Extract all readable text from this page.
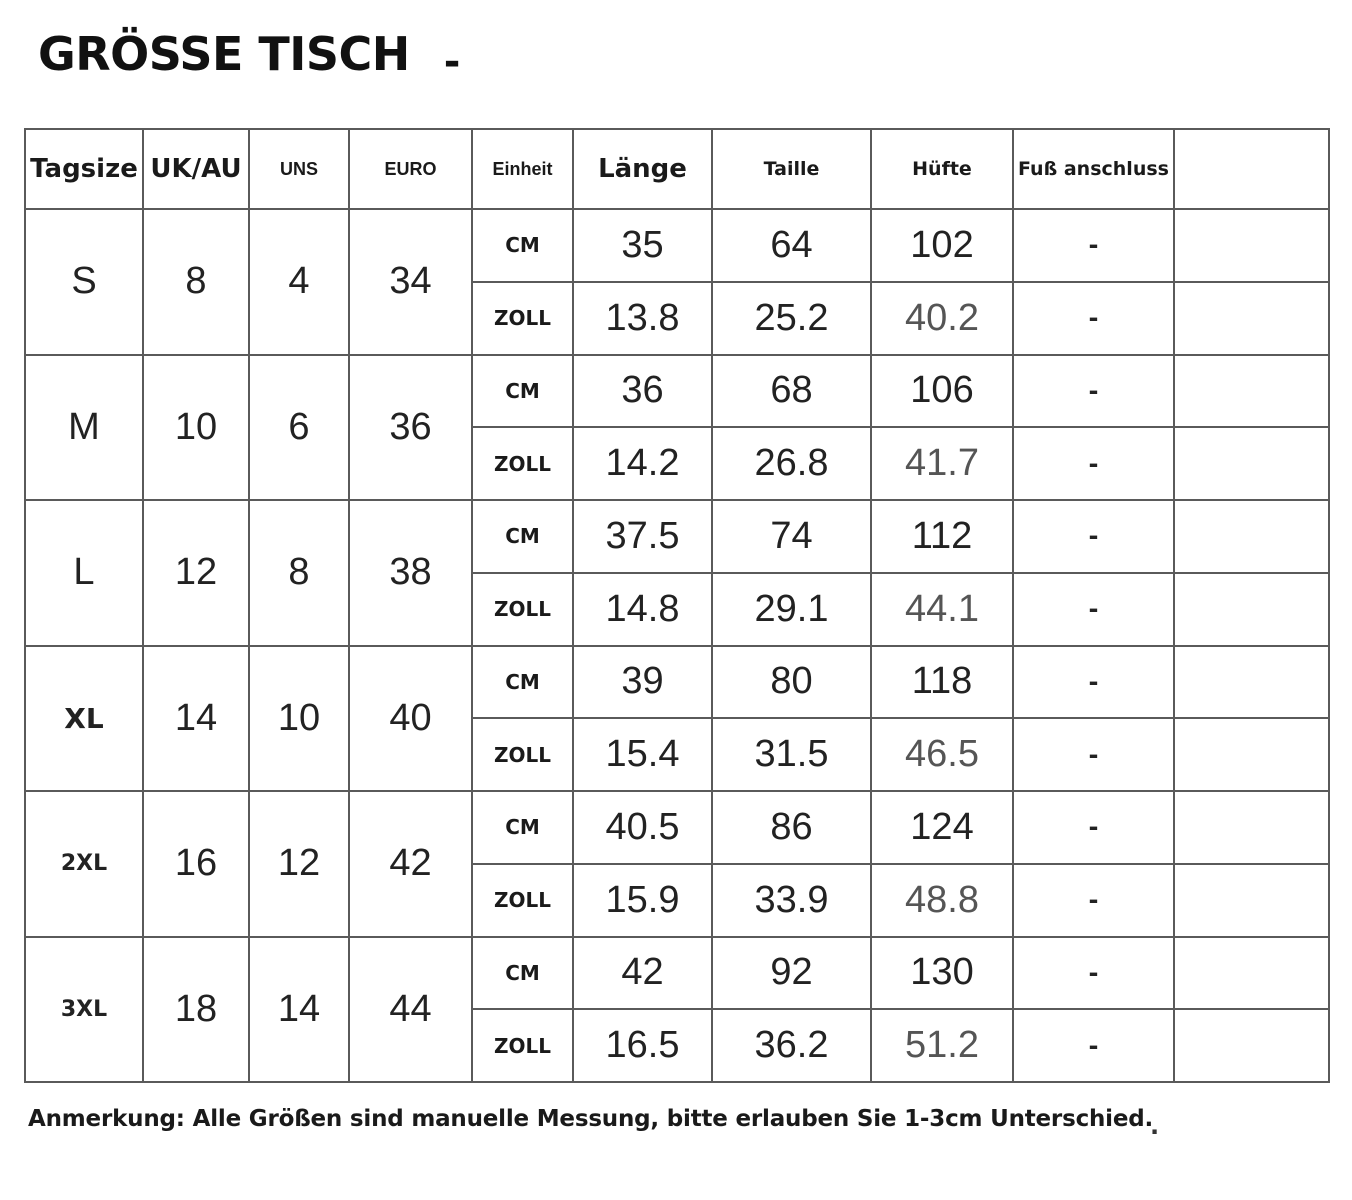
GRÖSSE TISCH -
Tagsize	UK/AU	UNS	EURO	Einheit	Länge	Taille	Hüfte	Fuß anschluss	
S	8	4	34	CM	35	64	102	-	
				ZOLL	13.8	25.2	40.2	-	
M	10	6	36	CM	36	68	106	-	
				ZOLL	14.2	26.8	41.7	-	
L	12	8	38	CM	37.5	74	112	-	
				ZOLL	14.8	29.1	44.1	-	
XL	14	10	40	CM	39	80	118	-	
				ZOLL	15.4	31.5	46.5	-	
2XL	16	12	42	CM	40.5	86	124	-	
				ZOLL	15.9	33.9	48.8	-	
3XL	18	14	44	CM	42	92	130	-	
				ZOLL	16.5	36.2	51.2	-	
Anmerkung: Alle Größen sind manuelle Messung, bitte erlauben Sie 1-3cm Unterschied.
.
